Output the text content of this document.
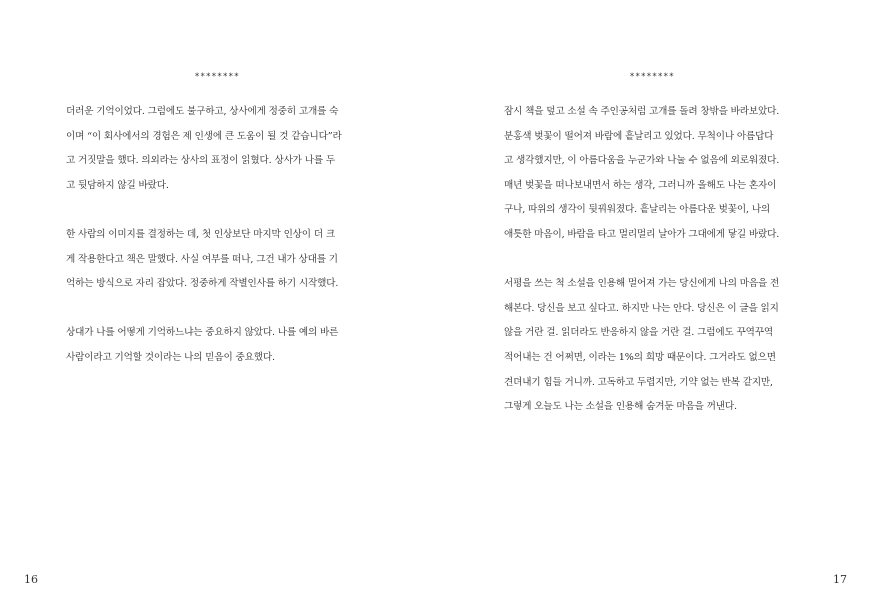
********
더러운 기억이었다. 그럼에도 불구하고, 상사에게 정중히 고개를 숙
이며 “이 회사에서의 경험은 제 인생에 큰 도움이 될 것 같습니다”라
고 거짓말을 했다. 의외라는 상사의 표정이 읽혔다. 상사가 나를 두
고 뒷담하지 않길 바랐다.
한 사람의 이미지를 결정하는 데, 첫 인상보단 마지막 인상이 더 크
게 작용한다고 책은 말했다. 사실 여부를 떠나, 그건 내가 상대를 기
억하는 방식으로 자리 잡았다. 정중하게 작별인사를 하기 시작했다.
상대가 나를 어떻게 기억하느냐는 중요하지 않았다. 나를 예의 바른
사람이라고 기억할 것이라는 나의 믿음이 중요했다.
16
********
잠시 책을 덮고 소설 속 주인공처럼 고개를 돌려 창밖을 바라보았다.
분홍색 벚꽃이 떨어져 바람에 흩날리고 있었다. 무척이나 아름답다
고 생각했지만, 이 아름다움을 누군가와 나눌 수 없음에 외로워졌다.
매년 벚꽃을 떠나보내면서 하는 생각, 그러니까 올해도 나는 혼자이
구나, 따위의 생각이 뒷꿔워졌다. 흩날리는 아름다운 벚꽃이, 나의
애틋한 마음이, 바람을 타고 멀리멀리 날아가 그대에게 닿길 바랐다.
서평을 쓰는 척 소설을 인용해 멀어져 가는 당신에게 나의 마음을 전
해본다. 당신을 보고 싶다고. 하지만 나는 안다. 당신은 이 글을 읽지
않을 거란 걸. 읽더라도 반응하지 않을 거란 걸. 그럼에도 꾸역꾸역
적어내는 건 어쩌면, 이라는 1%의 희망 때문이다. 그거라도 없으면
견뎌내기 힘들 거니까. 고독하고 두렵지만, 기약 없는 반복 같지만,
그렇게 오늘도 나는 소설을 인용해 숨겨둔 마음을 꺼낸다.
17
